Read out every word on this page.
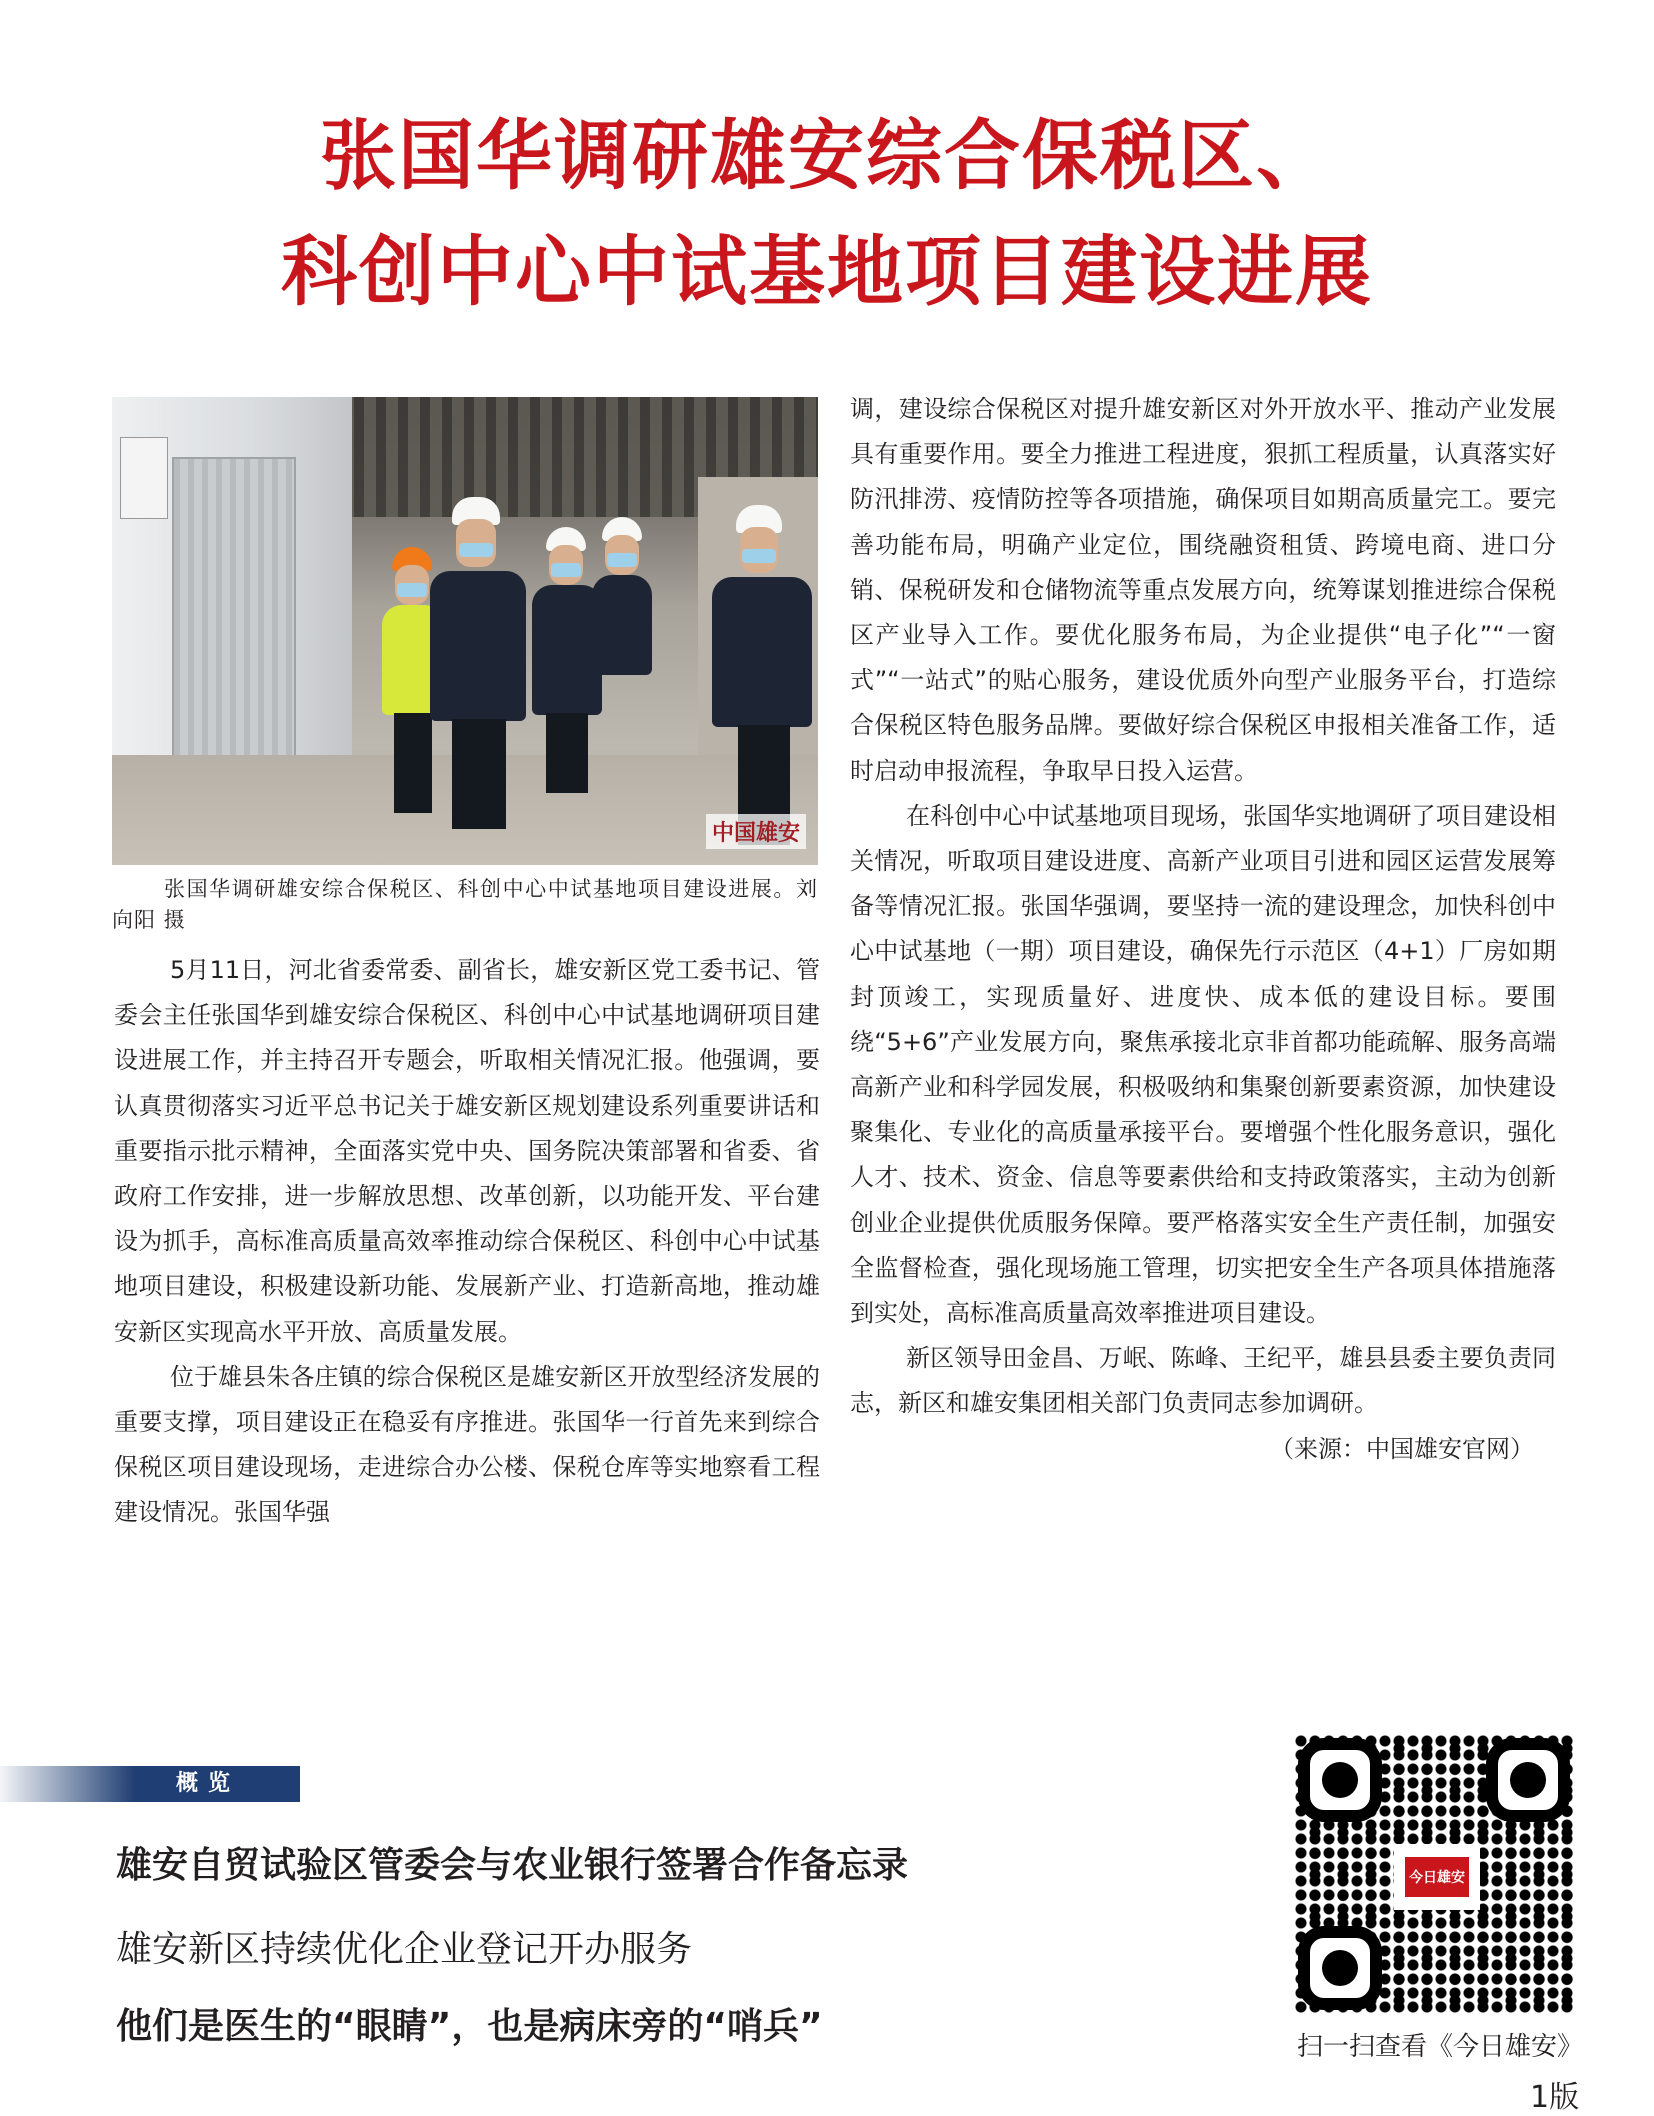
张国华调研雄安综合保税区、
科创中心中试基地项目建设进展
中国雄安

张国华调研雄安综合保税区、科创中心中试基地项目建设进展。刘向阳 摄

5月11日，河北省委常委、副省长，雄安新区党工委书记、管委会主任张国华到雄安综合保税区、科创中心中试基地调研项目建设进展工作，并主持召开专题会，听取相关情况汇报。他强调，要认真贯彻落实习近平总书记关于雄安新区规划建设系列重要讲话和重要指示批示精神，全面落实党中央、国务院决策部署和省委、省政府工作安排，进一步解放思想、改革创新，以功能开发、平台建设为抓手，高标准高质量高效率推动综合保税区、科创中心中试基地项目建设，积极建设新功能、发展新产业、打造新高地，推动雄安新区实现高水平开放、高质量发展。

位于雄县朱各庄镇的综合保税区是雄安新区开放型经济发展的重要支撑，项目建设正在稳妥有序推进。张国华一行首先来到综合保税区项目建设现场，走进综合办公楼、保税仓库等实地察看工程建设情况。张国华强

调，建设综合保税区对提升雄安新区对外开放水平、推动产业发展具有重要作用。要全力推进工程进度，狠抓工程质量，认真落实好防汛排涝、疫情防控等各项措施，确保项目如期高质量完工。要完善功能布局，明确产业定位，围绕融资租赁、跨境电商、进口分销、保税研发和仓储物流等重点发展方向，统筹谋划推进综合保税区产业导入工作。要优化服务布局，为企业提供“电子化”“一窗式”“一站式”的贴心服务，建设优质外向型产业服务平台，打造综合保税区特色服务品牌。要做好综合保税区申报相关准备工作，适时启动申报流程，争取早日投入运营。

在科创中心中试基地项目现场，张国华实地调研了项目建设相关情况，听取项目建设进度、高新产业项目引进和园区运营发展筹备等情况汇报。张国华强调，要坚持一流的建设理念，加快科创中心中试基地（一期）项目建设，确保先行示范区（4+1）厂房如期封顶竣工，实现质量好、进度快、成本低的建设目标。要围绕“5+6”产业发展方向，聚焦承接北京非首都功能疏解、服务高端高新产业和科学园发展，积极吸纳和集聚创新要素资源，加快建设聚集化、专业化的高质量承接平台。要增强个性化服务意识，强化人才、技术、资金、信息等要素供给和支持政策落实，主动为创新创业企业提供优质服务保障。要严格落实安全生产责任制，加强安全监督检查，强化现场施工管理，切实把安全生产各项具体措施落到实处，高标准高质量高效率推进项目建设。

新区领导田金昌、万岷、陈峰、王纪平，雄县县委主要负责同志，新区和雄安集团相关部门负责同志参加调研。

（来源：中国雄安官网）

概览

雄安自贸试验区管委会与农业银行签署合作备忘录

雄安新区持续优化企业登记开办服务

他们是医生的“眼睛”，也是病床旁的“哨兵”

今日雄安

扫一扫查看《今日雄安》

1版
